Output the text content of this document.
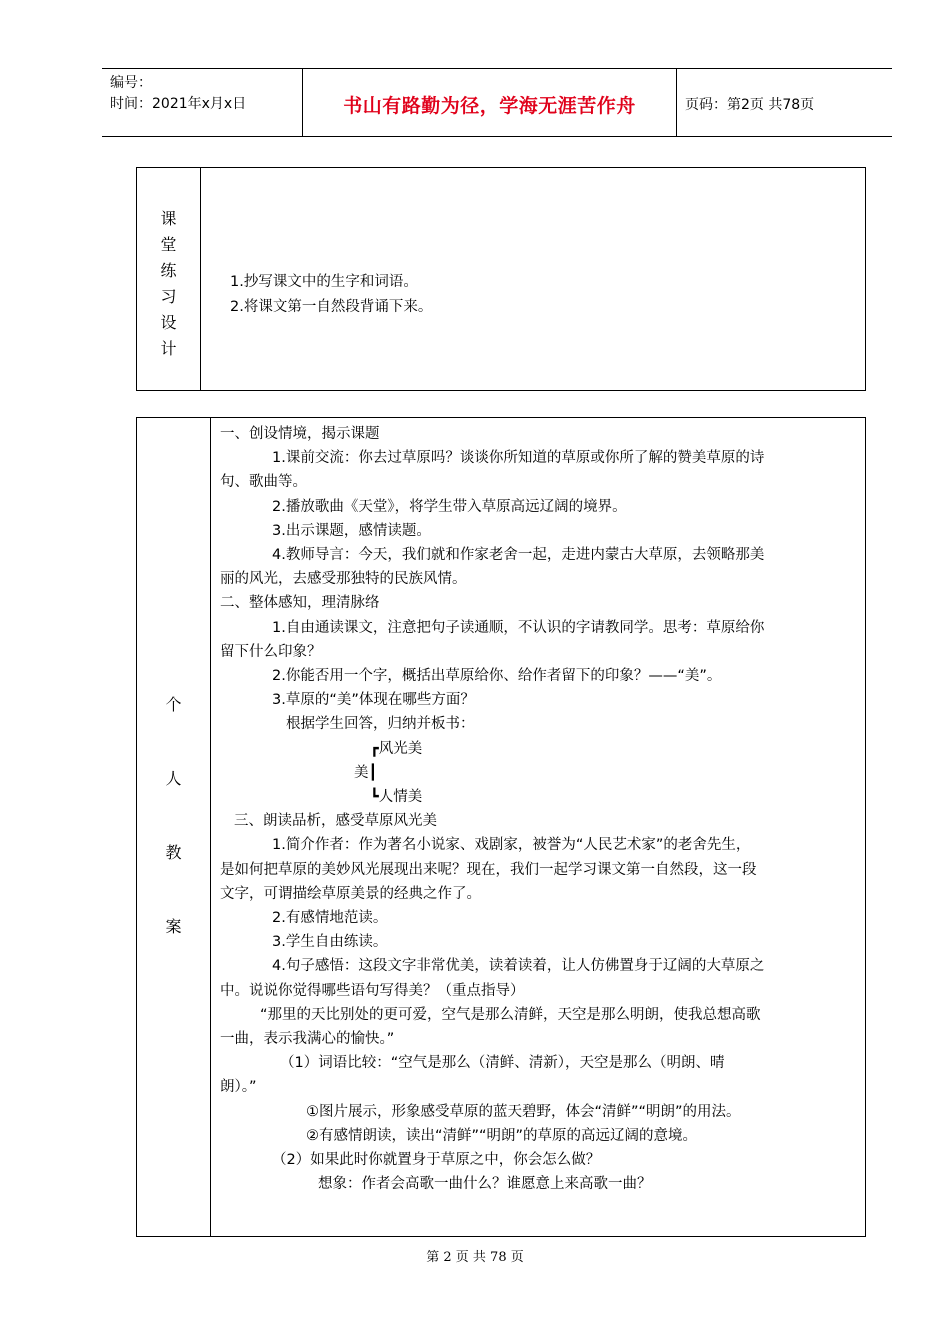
编号：
时间：2021年x月x日	书山有路勤为径，学海无涯苦作舟	页码：第2页 共78页
课
堂
练
习
设
计
1.抄写课文中的生字和词语。
2.将课文第一自然段背诵下来。
个
人
教
案

一、创设情境，揭示课题

1.课前交流：你去过草原吗？谈谈你所知道的草原或你所了解的赞美草原的诗

句、歌曲等。

2.播放歌曲《天堂》，将学生带入草原高远辽阔的境界。

3.出示课题，感情读题。

4.教师导言：今天，我们就和作家老舍一起，走进内蒙古大草原，去领略那美

丽的风光，去感受那独特的民族风情。

二、整体感知，理清脉络

1.自由通读课文，注意把句子读通顺，不认识的字请教同学。思考：草原给你

留下什么印象？

2.你能否用一个字，概括出草原给你、给作者留下的印象？——“美”。

3.草原的“美”体现在哪些方面？

根据学生回答，归纳并板书：

┏风光美
美┃
┗人情美

三、朗读品析，感受草原风光美

1.简介作者：作为著名小说家、戏剧家，被誉为“人民艺术家”的老舍先生，

是如何把草原的美妙风光展现出来呢？现在，我们一起学习课文第一自然段，这一段

文字，可谓描绘草原美景的经典之作了。

2.有感情地范读。

3.学生自由练读。

4.句子感悟：这段文字非常优美，读着读着，让人仿佛置身于辽阔的大草原之

中。说说你觉得哪些语句写得美？（重点指导）

“那里的天比别处的更可爱，空气是那么清鲜，天空是那么明朗，使我总想高歌

一曲，表示我满心的愉快。”

（1）词语比较：“空气是那么（清鲜、清新），天空是那么（明朗、晴

朗）。”

①图片展示，形象感受草原的蓝天碧野，体会“清鲜”“明朗”的用法。

②有感情朗读，读出“清鲜”“明朗”的草原的高远辽阔的意境。

（2）如果此时你就置身于草原之中，你会怎么做？

想象：作者会高歌一曲什么？谁愿意上来高歌一曲？

第 2 页 共 78 页
